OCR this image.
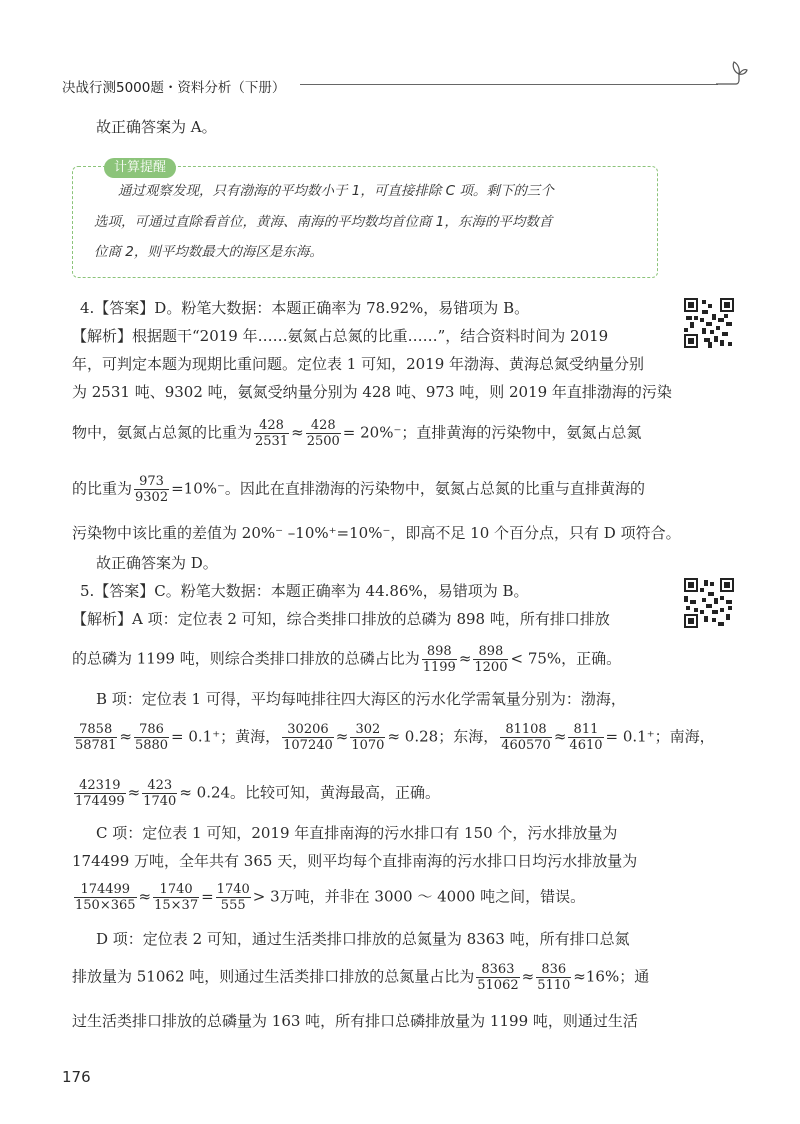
决战行测5000题・资料分析（下册）
故正确答案为 A。
计算提醒
通过观察发现，只有渤海的平均数小于 1，可直接排除 C 项。剩下的三个
选项，可通过直除看首位，黄海、南海的平均数均首位商 1，东海的平均数首
位商 2，则平均数最大的海区是东海。
4.【答案】D。粉笔大数据：本题正确率为 78.92%，易错项为 B。
【解析】根据题干“2019 年……氨氮占总氮的比重……”，结合资料时间为 2019
年，可判定本题为现期比重问题。定位表 1 可知，2019 年渤海、黄海总氮受纳量分别
为 2531 吨、9302 吨，氨氮受纳量分别为 428 吨、973 吨，则 2019 年直排渤海的污染
物中，氨氮占总氮的比重为 $\frac{428}{2531} \approx \frac{428}{2500} = 20\%^-$；直排黄海的污染物中，氨氮占总氮
的比重为 $\frac{973}{9302} =10\%^-$。因此在直排渤海的污染物中，氨氮占总氮的比重与直排黄海的
污染物中该比重的差值为 20%⁻ –10%⁺=10%⁻，即高不足 10 个百分点，只有 D 项符合。
故正确答案为 D。
5.【答案】C。粉笔大数据：本题正确率为 44.86%，易错项为 B。
【解析】A 项：定位表 2 可知，综合类排口排放的总磷为 898 吨，所有排口排放
的总磷为 1199 吨，则综合类排口排放的总磷占比为 $\frac{898}{1199} \approx \frac{898}{1200} < 75\%$，正确。
B 项：定位表 1 可得，平均每吨排往四大海区的污水化学需氧量分别为：渤海，
$\frac{7858}{58781} \approx \frac{786}{5880} = 0.1^+$；黄海， $\frac{30206}{107240} \approx \frac{302}{1070} \approx 0.28$；东海， $\frac{81108}{460570} \approx \frac{811}{4610} = 0.1^+$；南海，
$\frac{42319}{174499} \approx \frac{423}{1740} \approx 0.24$。比较可知，黄海最高，正确。
C 项：定位表 1 可知，2019 年直排南海的污水排口有 150 个，污水排放量为
174499 万吨，全年共有 365 天，则平均每个直排南海的污水排口日均污水排放量为
$\frac{174499}{150\times 365} \approx \frac{1740}{15\times 37} = \frac{1740}{555} > 3$万吨，并非在 3000 ～ 4000 吨之间，错误。
D 项：定位表 2 可知，通过生活类排口排放的总氮量为 8363 吨，所有排口总氮
排放量为 51062 吨，则通过生活类排口排放的总氮量占比为 $\frac{8363}{51062} \approx \frac{836}{5110} \approx 16\%$；通
过生活类排口排放的总磷量为 163 吨，所有排口总磷排放量为 1199 吨，则通过生活
176
